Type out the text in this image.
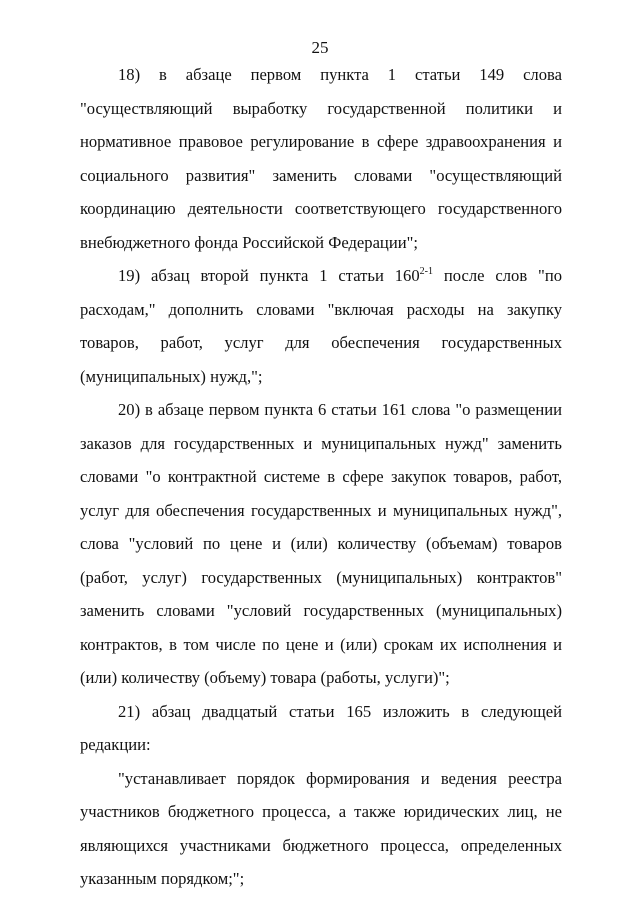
25

18) в абзаце первом пункта 1 статьи 149 слова "осуществляющий выработку государственной политики и нормативное правовое регулирование в сфере здравоохранения и социального развития" заменить словами "осуществляющий координацию деятельности соответствующего государственного внебюджетного фонда Российской Федерации";

19) абзац второй пункта 1 статьи 160$^{2-1}$ после слов "по расходам," дополнить словами "включая расходы на закупку товаров, работ, услуг для обеспечения государственных (муниципальных) нужд,";

20) в абзаце первом пункта 6 статьи 161 слова "о размещении заказов для государственных и муниципальных нужд" заменить словами "о контрактной системе в сфере закупок товаров, работ, услуг для обеспечения государственных и муниципальных нужд", слова "условий по цене и (или) количеству (объемам) товаров (работ, услуг) государственных (муниципальных) контрактов" заменить словами "условий государственных (муниципальных) контрактов, в том числе по цене и (или) срокам их исполнения и (или) количеству (объему) товара (работы, услуги)";

21) абзац двадцатый статьи 165 изложить в следующей редакции:

"устанавливает порядок формирования и ведения реестра участников бюджетного процесса, а также юридических лиц, не являющихся участниками бюджетного процесса, определенных указанным порядком;";
